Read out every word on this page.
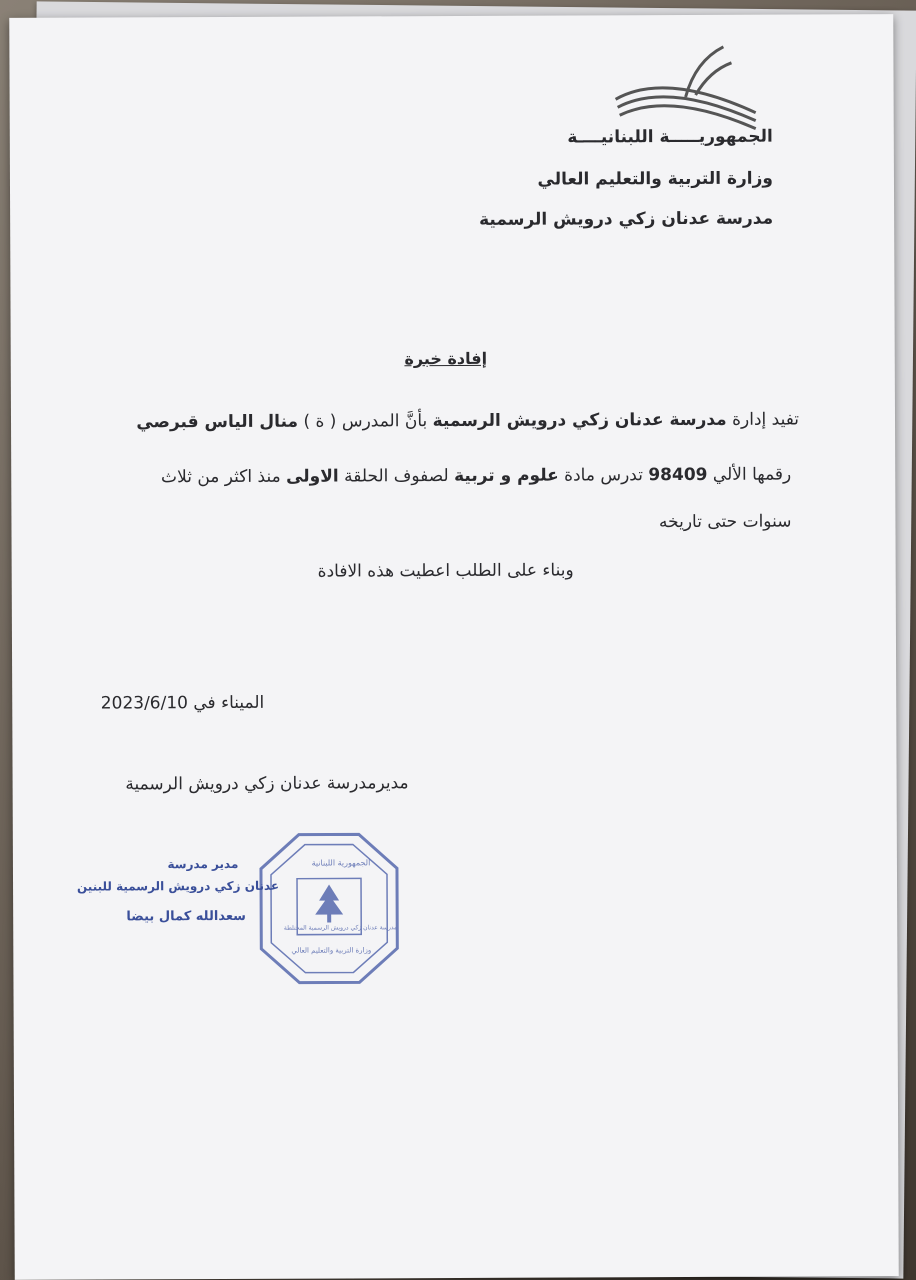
الجمهوريـــــة اللبنانيــــة
وزارة التربية والتعليم العالي
مدرسة عدنان زكي درويش الرسمية
إفادة خبرة
تفيد إدارة مدرسة عدنان زكي درويش الرسمية بأنَّ المدرس ( ة ) منال الياس قبرصي
رقمها الألي 98409 تدرس مادة علوم و تربية لصفوف الحلقة الاولى منذ اكثر من ثلاث
سنوات حتى تاريخه
وبناء على الطلب اعطيت هذه الافادة
الميناء في 2023/6/10
مديرمدرسة عدنان زكي درويش الرسمية
الجمهورية اللبنانية
مدرسة عدنان زكي درويش الرسمية المختلطة
وزارة التربية والتعليم العالي
مدير مدرسة
عدنان زكي درويش الرسمية للبنين
سعدالله كمال بيضا
